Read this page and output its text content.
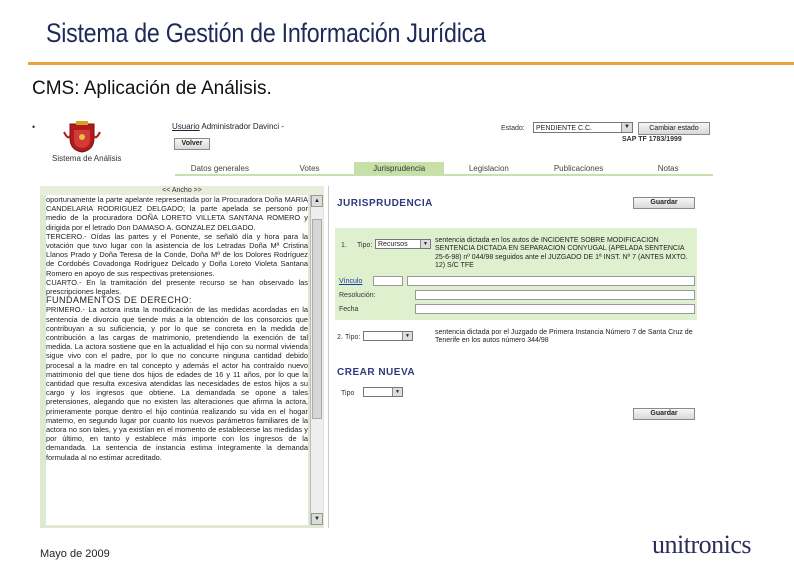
Sistema de Gestión de Información Jurídica
CMS: Aplicación de Análisis.
•
Sistema de Análisis
Usuario Administrador Davinci -
Volver
Estado:	PENDIENTE C.C.	▼	Cambiar estado
SAP TF 1783/1999
Datos generales	Votes	Jurisprudencia	Legislacion	Publicaciones	Notas
<< Ancho >>

oportunamente la parte apelante representada por la Procuradora Doña MARIA CANDELARIA RODRIGUEZ DELGADO; la parte apelada se personó por medio de la procuradora DOÑA LORETO VILLETA SANTANA ROMERO y dirigida por el letrado Don DAMASO A. GONZALEZ DELGADO.

TERCERO.- Oídas las partes y el Ponente, se señaló día y hora para la votación que tuvo lugar con la asistencia de los Letradas Doña Mª Cristina Llanos Prado y Doña Teresa de la Conde, Doña Mª de los Dolores Rodríguez de Cordobés Covadonga Rodríguez Delcado y Doña Loreto Violeta Santana Romero en apoyo de sus respectivas pretensiones.

CUARTO.- En la tramitación del presente recurso se han observado las prescripciones legales.

FUNDAMENTOS DE DERECHO:

PRIMERO.- La actora insta la modificación de las medidas acordadas en la sentencia de divorcio que tiende más a la obtención de los consorcios que contribuyan a su suficiencia, y por lo que se concreta en la medida de contribución a las cargas de matrimonio, pretendiendo la exención de tal medida. La actora sostiene que en la actualidad el hijo con su normal vivienda sigue vivo con el padre, por lo que no concurre ninguna cantidad debido procesal a la madre en tal concepto y además el actor ha contraído nuevo matrimonio del que tiene dos hijos de edades de 16 y 11 años, por lo que la cantidad que resulta excesiva atendidas las necesidades de estos hijos a su cargo y los ingresos que obtiene. La demandada se opone a tales pretensiones, alegando que no existen las alteraciones que afirma la actora, primeramente porque dentro el hijo continúa realizando su vida en el hogar materno, en segundo lugar por cuanto los nuevos parámetros familiares de la actora no son tales, y ya existían en el momento de establecerse las medidas y por último, en tanto y establece más importe con los ingresos de la demandada. La sentencia de instancia estima íntegramente la demanda formulada al no estimar acreditado.

▲
▼
JURISPRUDENCIA	Guardar
1. Tipo: Recursos	▼ sentencia dictada en los autos de INCIDENTE SOBRE MODIFICACION SENTENCIA DICTADA EN SEPARACION CONYUGAL (APELADA SENTENCIA 25-6-98) nº 044/98 seguidos ante el JUZGADO DE 1ª INST. Nº 7 (ANTES MXTO. 12) S/C TFE
Vínculo
Resolución:
Fecha
2. Tipo:	▼	sentencia dictada por el Juzgado de Primera Instancia Número 7 de Santa Cruz de Tenerife en los autos número 344/98
CREAR NUEVA
Tipo	▼
Guardar
Mayo de 2009	unitronics
